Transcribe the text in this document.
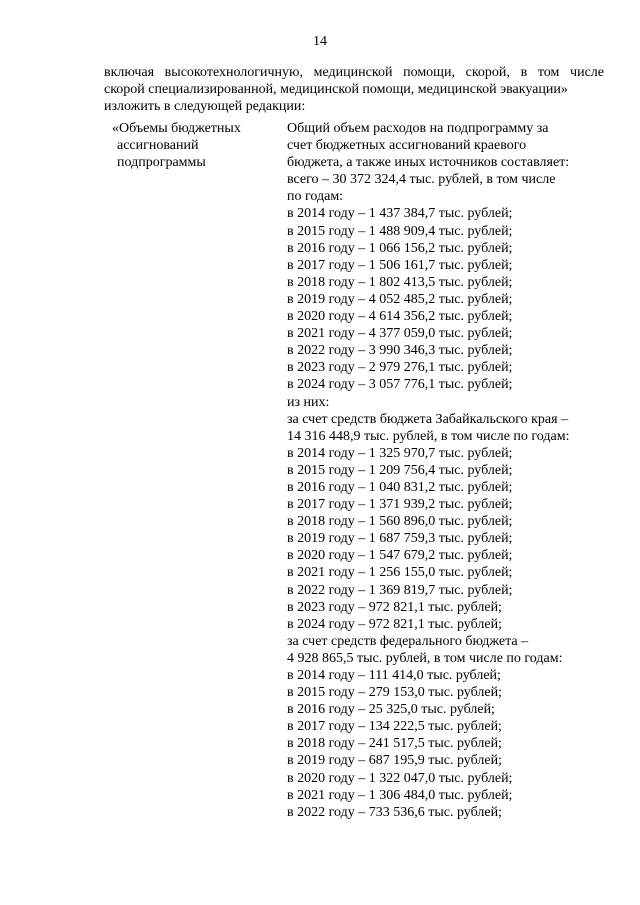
14
включая высокотехнологичную, медицинской помощи, скорой, в том числе
скорой специализированной, медицинской помощи, медицинской эвакуации»
изложить в следующей редакции:
«Объемы бюджетных
ассигнований
подпрограммы
Общий объем расходов на подпрограмму за
счет бюджетных ассигнований краевого
бюджета, а также иных источников составляет:
всего – 30 372 324,4 тыс. рублей, в том числе
по годам:
в 2014 году – 1 437 384,7 тыс. рублей;
в 2015 году – 1 488 909,4 тыс. рублей;
в 2016 году – 1 066 156,2 тыс. рублей;
в 2017 году – 1 506 161,7 тыс. рублей;
в 2018 году – 1 802 413,5 тыс. рублей;
в 2019 году – 4 052 485,2 тыс. рублей;
в 2020 году – 4 614 356,2 тыс. рублей;
в 2021 году – 4 377 059,0 тыс. рублей;
в 2022 году – 3 990 346,3 тыс. рублей;
в 2023 году – 2 979 276,1 тыс. рублей;
в 2024 году – 3 057 776,1 тыс. рублей;
из них:
за счет средств бюджета Забайкальского края –
14 316 448,9 тыс. рублей, в том числе по годам:
в 2014 году – 1 325 970,7 тыс. рублей;
в 2015 году – 1 209 756,4 тыс. рублей;
в 2016 году – 1 040 831,2 тыс. рублей;
в 2017 году – 1 371 939,2 тыс. рублей;
в 2018 году – 1 560 896,0 тыс. рублей;
в 2019 году – 1 687 759,3 тыс. рублей;
в 2020 году – 1 547 679,2 тыс. рублей;
в 2021 году – 1 256 155,0 тыс. рублей;
в 2022 году – 1 369 819,7 тыс. рублей;
в 2023 году – 972 821,1 тыс. рублей;
в 2024 году – 972 821,1 тыс. рублей;
за счет средств федерального бюджета –
4 928 865,5 тыс. рублей, в том числе по годам:
в 2014 году – 111 414,0 тыс. рублей;
в 2015 году – 279 153,0 тыс. рублей;
в 2016 году – 25 325,0 тыс. рублей;
в 2017 году – 134 222,5 тыс. рублей;
в 2018 году – 241 517,5 тыс. рублей;
в 2019 году – 687 195,9 тыс. рублей;
в 2020 году – 1 322 047,0 тыс. рублей;
в 2021 году – 1 306 484,0 тыс. рублей;
в 2022 году – 733 536,6 тыс. рублей;
